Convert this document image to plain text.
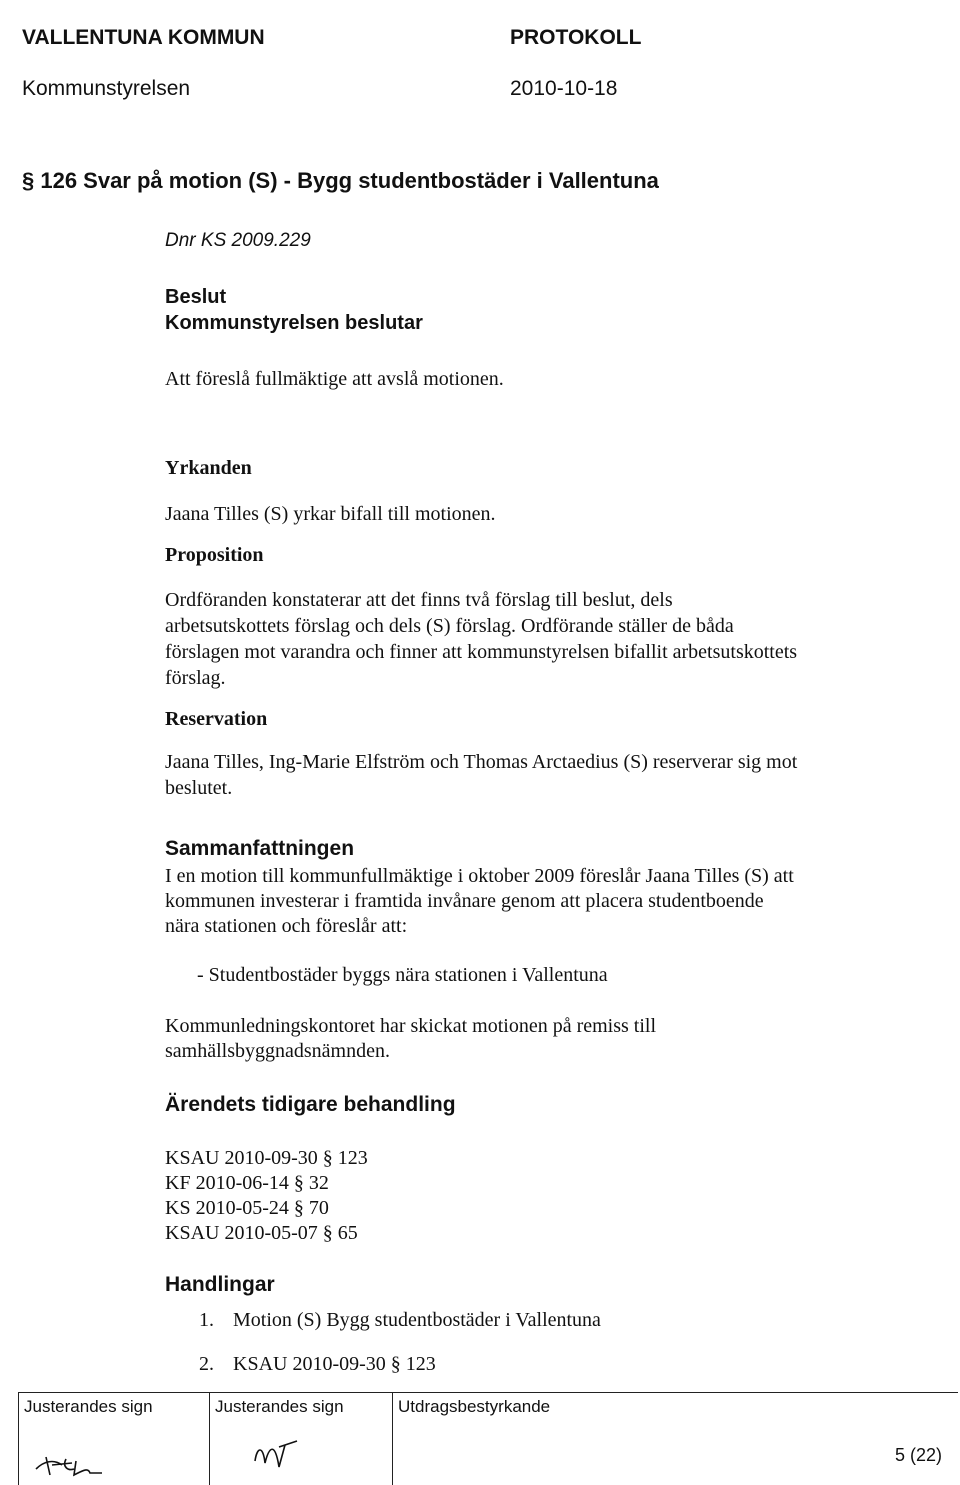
VALLENTUNA KOMMUN	PROTOKOLL
Kommunstyrelsen	2010-10-18
§ 126 Svar på motion (S) - Bygg studentbostäder i Vallentuna
Dnr KS 2009.229
Beslut
Kommunstyrelsen beslutar
Att föreslå fullmäktige att avslå motionen.
Yrkanden
Jaana Tilles (S) yrkar bifall till motionen.
Proposition
Ordföranden konstaterar att det finns två förslag till beslut, dels
arbetsutskottets förslag och dels (S) förslag. Ordförande ställer de båda
förslagen mot varandra och finner att kommunstyrelsen bifallit arbetsutskottets
förslag.
Reservation
Jaana Tilles, Ing-Marie Elfström och Thomas Arctaedius (S) reserverar sig mot
beslutet.
Sammanfattningen
I en motion till kommunfullmäktige i oktober 2009 föreslår Jaana Tilles (S) att
kommunen investerar i framtida invånare genom att placera studentboende
nära stationen och föreslår att:
- Studentbostäder byggs nära stationen i Vallentuna
Kommunledningskontoret har skickat motionen på remiss till
samhällsbyggnadsnämnden.
Ärendets tidigare behandling
KSAU 2010-09-30 § 123
KF 2010-06-14 § 32
KS 2010-05-24 § 70
KSAU 2010-05-07 § 65
Handlingar
1. Motion (S) Bygg studentbostäder i Vallentuna
2. KSAU 2010-09-30 § 123
Justerandes sign	Justerandes sign	Utdragsbestyrkande
5 (22)
